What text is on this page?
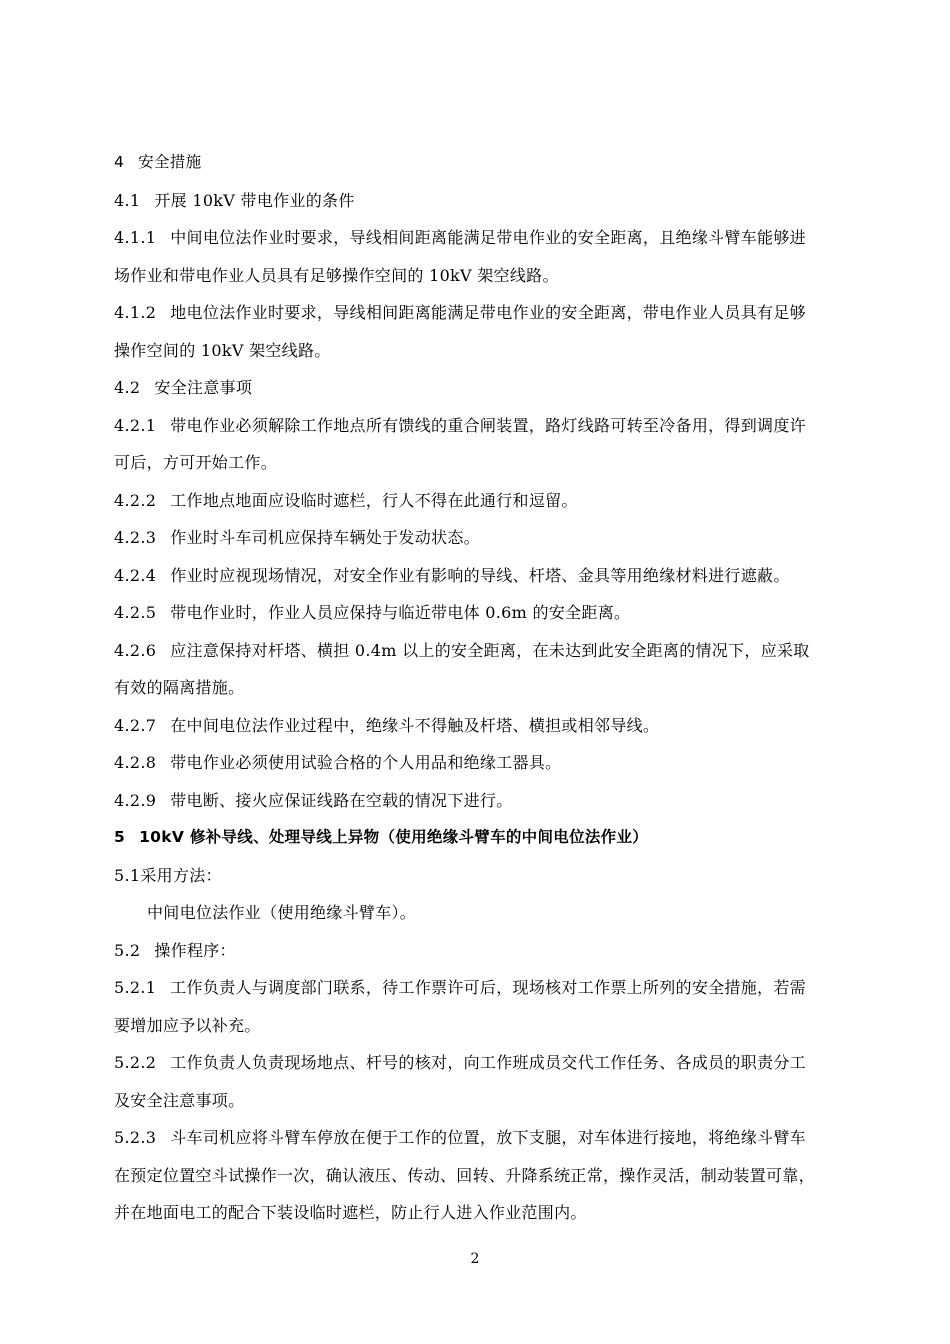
4 安全措施

4.1 开展 10kV 带电作业的条件

4.1.1 中间电位法作业时要求，导线相间距离能满足带电作业的安全距离，且绝缘斗臂车能够进

场作业和带电作业人员具有足够操作空间的 10kV 架空线路。

4.1.2 地电位法作业时要求，导线相间距离能满足带电作业的安全距离，带电作业人员具有足够

操作空间的 10kV 架空线路。

4.2 安全注意事项

4.2.1 带电作业必须解除工作地点所有馈线的重合闸装置，路灯线路可转至冷备用，得到调度许

可后，方可开始工作。

4.2.2 工作地点地面应设临时遮栏，行人不得在此通行和逗留。

4.2.3 作业时斗车司机应保持车辆处于发动状态。

4.2.4 作业时应视现场情况，对安全作业有影响的导线、杆塔、金具等用绝缘材料进行遮蔽。

4.2.5 带电作业时，作业人员应保持与临近带电体 0.6m 的安全距离。

4.2.6 应注意保持对杆塔、横担 0.4m 以上的安全距离，在未达到此安全距离的情况下，应采取

有效的隔离措施。

4.2.7 在中间电位法作业过程中，绝缘斗不得触及杆塔、横担或相邻导线。

4.2.8 带电作业必须使用试验合格的个人用品和绝缘工器具。

4.2.9 带电断、接火应保证线路在空载的情况下进行。

5 10kV 修补导线、处理导线上异物（使用绝缘斗臂车的中间电位法作业）

5.1采用方法：

中间电位法作业（使用绝缘斗臂车）。

5.2 操作程序：

5.2.1 工作负责人与调度部门联系，待工作票许可后，现场核对工作票上所列的安全措施，若需

要增加应予以补充。

5.2.2 工作负责人负责现场地点、杆号的核对，向工作班成员交代工作任务、各成员的职责分工

及安全注意事项。

5.2.3 斗车司机应将斗臂车停放在便于工作的位置，放下支腿，对车体进行接地，将绝缘斗臂车

在预定位置空斗试操作一次，确认液压、传动、回转、升降系统正常，操作灵活，制动装置可靠，

并在地面电工的配合下装设临时遮栏，防止行人进入作业范围内。

2
